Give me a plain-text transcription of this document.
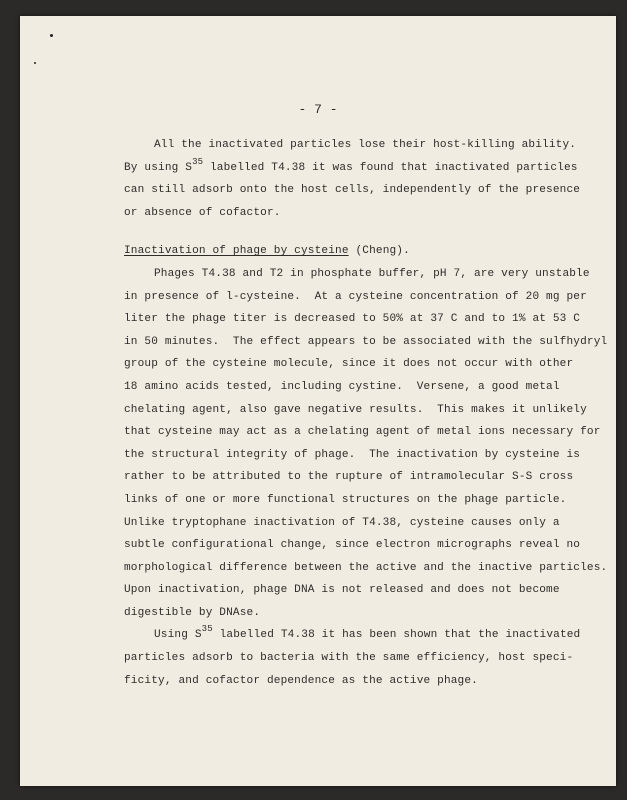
- 7 -
All the inactivated particles lose their host-killing ability.
By using $S^{35}$ labelled T4.38 it was found that inactivated particles
can still adsorb onto the host cells, independently of the presence
or absence of cofactor.
Inactivation of phage by cysteine (Cheng).
Phages T4.38 and T2 in phosphate buffer, pH 7, are very unstable
in presence of l-cysteine.  At a cysteine concentration of 20 mg per
liter the phage titer is decreased to 50% at 37 C and to 1% at 53 C
in 50 minutes.  The effect appears to be associated with the sulfhydryl
group of the cysteine molecule, since it does not occur with other
18 amino acids tested, including cystine.  Versene, a good metal
chelating agent, also gave negative results.  This makes it unlikely
that cysteine may act as a chelating agent of metal ions necessary for
the structural integrity of phage.  The inactivation by cysteine is
rather to be attributed to the rupture of intramolecular S-S cross
links of one or more functional structures on the phage particle.
Unlike tryptophane inactivation of T4.38, cysteine causes only a
subtle configurational change, since electron micrographs reveal no
morphological difference between the active and the inactive particles.
Upon inactivation, phage DNA is not released and does not become
digestible by DNAse.
Using $S^{35}$ labelled T4.38 it has been shown that the inactivated
particles adsorb to bacteria with the same efficiency, host speci-
ficity, and cofactor dependence as the active phage.
